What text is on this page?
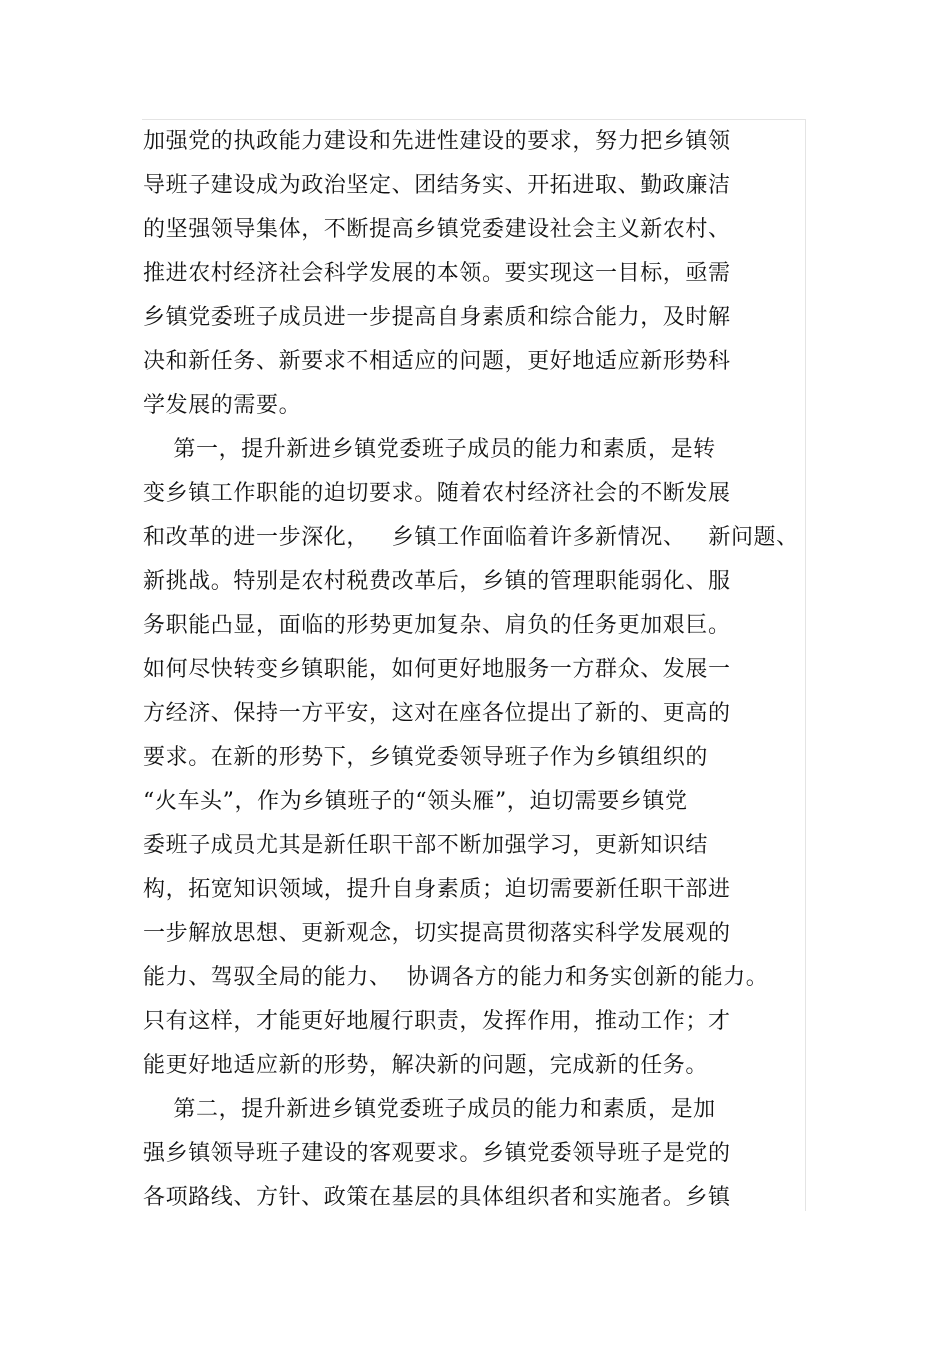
加强党的执政能力建设和先进性建设的要求，努力把乡镇领
导班子建设成为政治坚定、团结务实、开拓进取、勤政廉洁
的坚强领导集体，不断提高乡镇党委建设社会主义新农村、
推进农村经济社会科学发展的本领。要实现这一目标，亟需
乡镇党委班子成员进一步提高自身素质和综合能力，及时解
决和新任务、新要求不相适应的问题，更好地适应新形势科
学发展的需要。
第一，提升新进乡镇党委班子成员的能力和素质，是转
变乡镇工作职能的迫切要求。随着农村经济社会的不断发展
和改革的进一步深化，   乡镇工作面临着许多新情况、   新问题、
新挑战。特别是农村税费改革后，乡镇的管理职能弱化、服
务职能凸显，面临的形势更加复杂、肩负的任务更加艰巨。
如何尽快转变乡镇职能，如何更好地服务一方群众、发展一
方经济、保持一方平安，这对在座各位提出了新的、更高的
要求。在新的形势下，乡镇党委领导班子作为乡镇组织的
“火车头”，作为乡镇班子的“领头雁”，迫切需要乡镇党
委班子成员尤其是新任职干部不断加强学习，更新知识结
构，拓宽知识领域，提升自身素质；迫切需要新任职干部进
一步解放思想、更新观念，切实提高贯彻落实科学发展观的
能力、驾驭全局的能力、  协调各方的能力和务实创新的能力。
只有这样，才能更好地履行职责，发挥作用，推动工作；才
能更好地适应新的形势，解决新的问题，完成新的任务。
第二，提升新进乡镇党委班子成员的能力和素质，是加
强乡镇领导班子建设的客观要求。乡镇党委领导班子是党的
各项路线、方针、政策在基层的具体组织者和实施者。乡镇
